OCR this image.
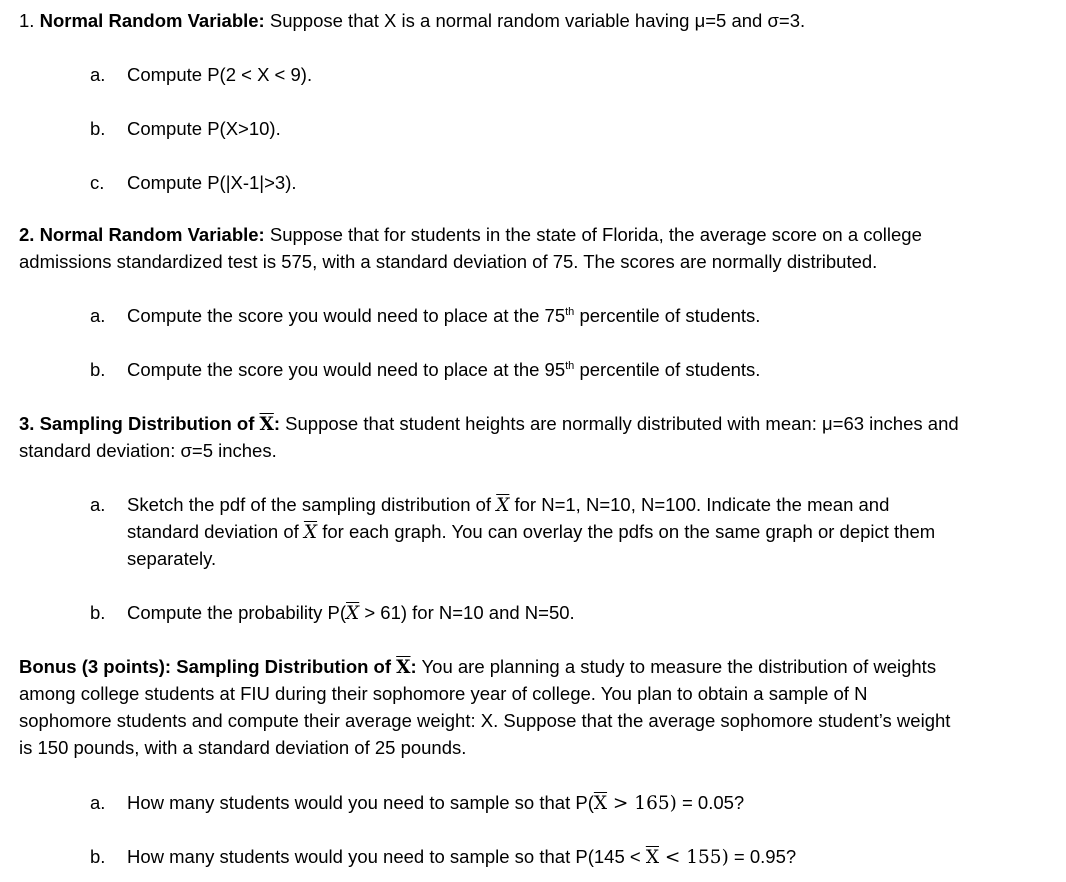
1. Normal Random Variable: Suppose that X is a normal random variable having μ=5 and σ=3.
a.	Compute P(2 < X < 9).
b.	Compute P(X>10).
c.	Compute P(|X-1|>3).
2. Normal Random Variable: Suppose that for students in the state of Florida, the average score on a college
admissions standardized test is 575, with a standard deviation of 75. The scores are normally distributed.
a.	Compute the score you would need to place at the 75th percentile of students.
b.	Compute the score you would need to place at the 95th percentile of students.
3. Sampling Distribution of $\overline{X}$: Suppose that student heights are normally distributed with mean: μ=63 inches and
standard deviation: σ=5 inches.
a.	Sketch the pdf of the sampling distribution of $\overline{X}$ for N=1, N=10, N=100. Indicate the mean and
standard deviation of $\overline{X}$ for each graph. You can overlay the pdfs on the same graph or depict them
separately.
b.	Compute the probability $P(\overline{X} > 61)$ for N=10 and N=50.
Bonus (3 points): Sampling Distribution of $\overline{X}$: You are planning a study to measure the distribution of weights
among college students at FIU during their sophomore year of college. You plan to obtain a sample of N
sophomore students and compute their average weight: X. Suppose that the average sophomore student’s weight
is 150 pounds, with a standard deviation of 25 pounds.
a.	How many students would you need to sample so that $P(\overline{X} > 165) = 0.05$?
b.	How many students would you need to sample so that $P(145 < \overline{X} < 155) = 0.95$?
